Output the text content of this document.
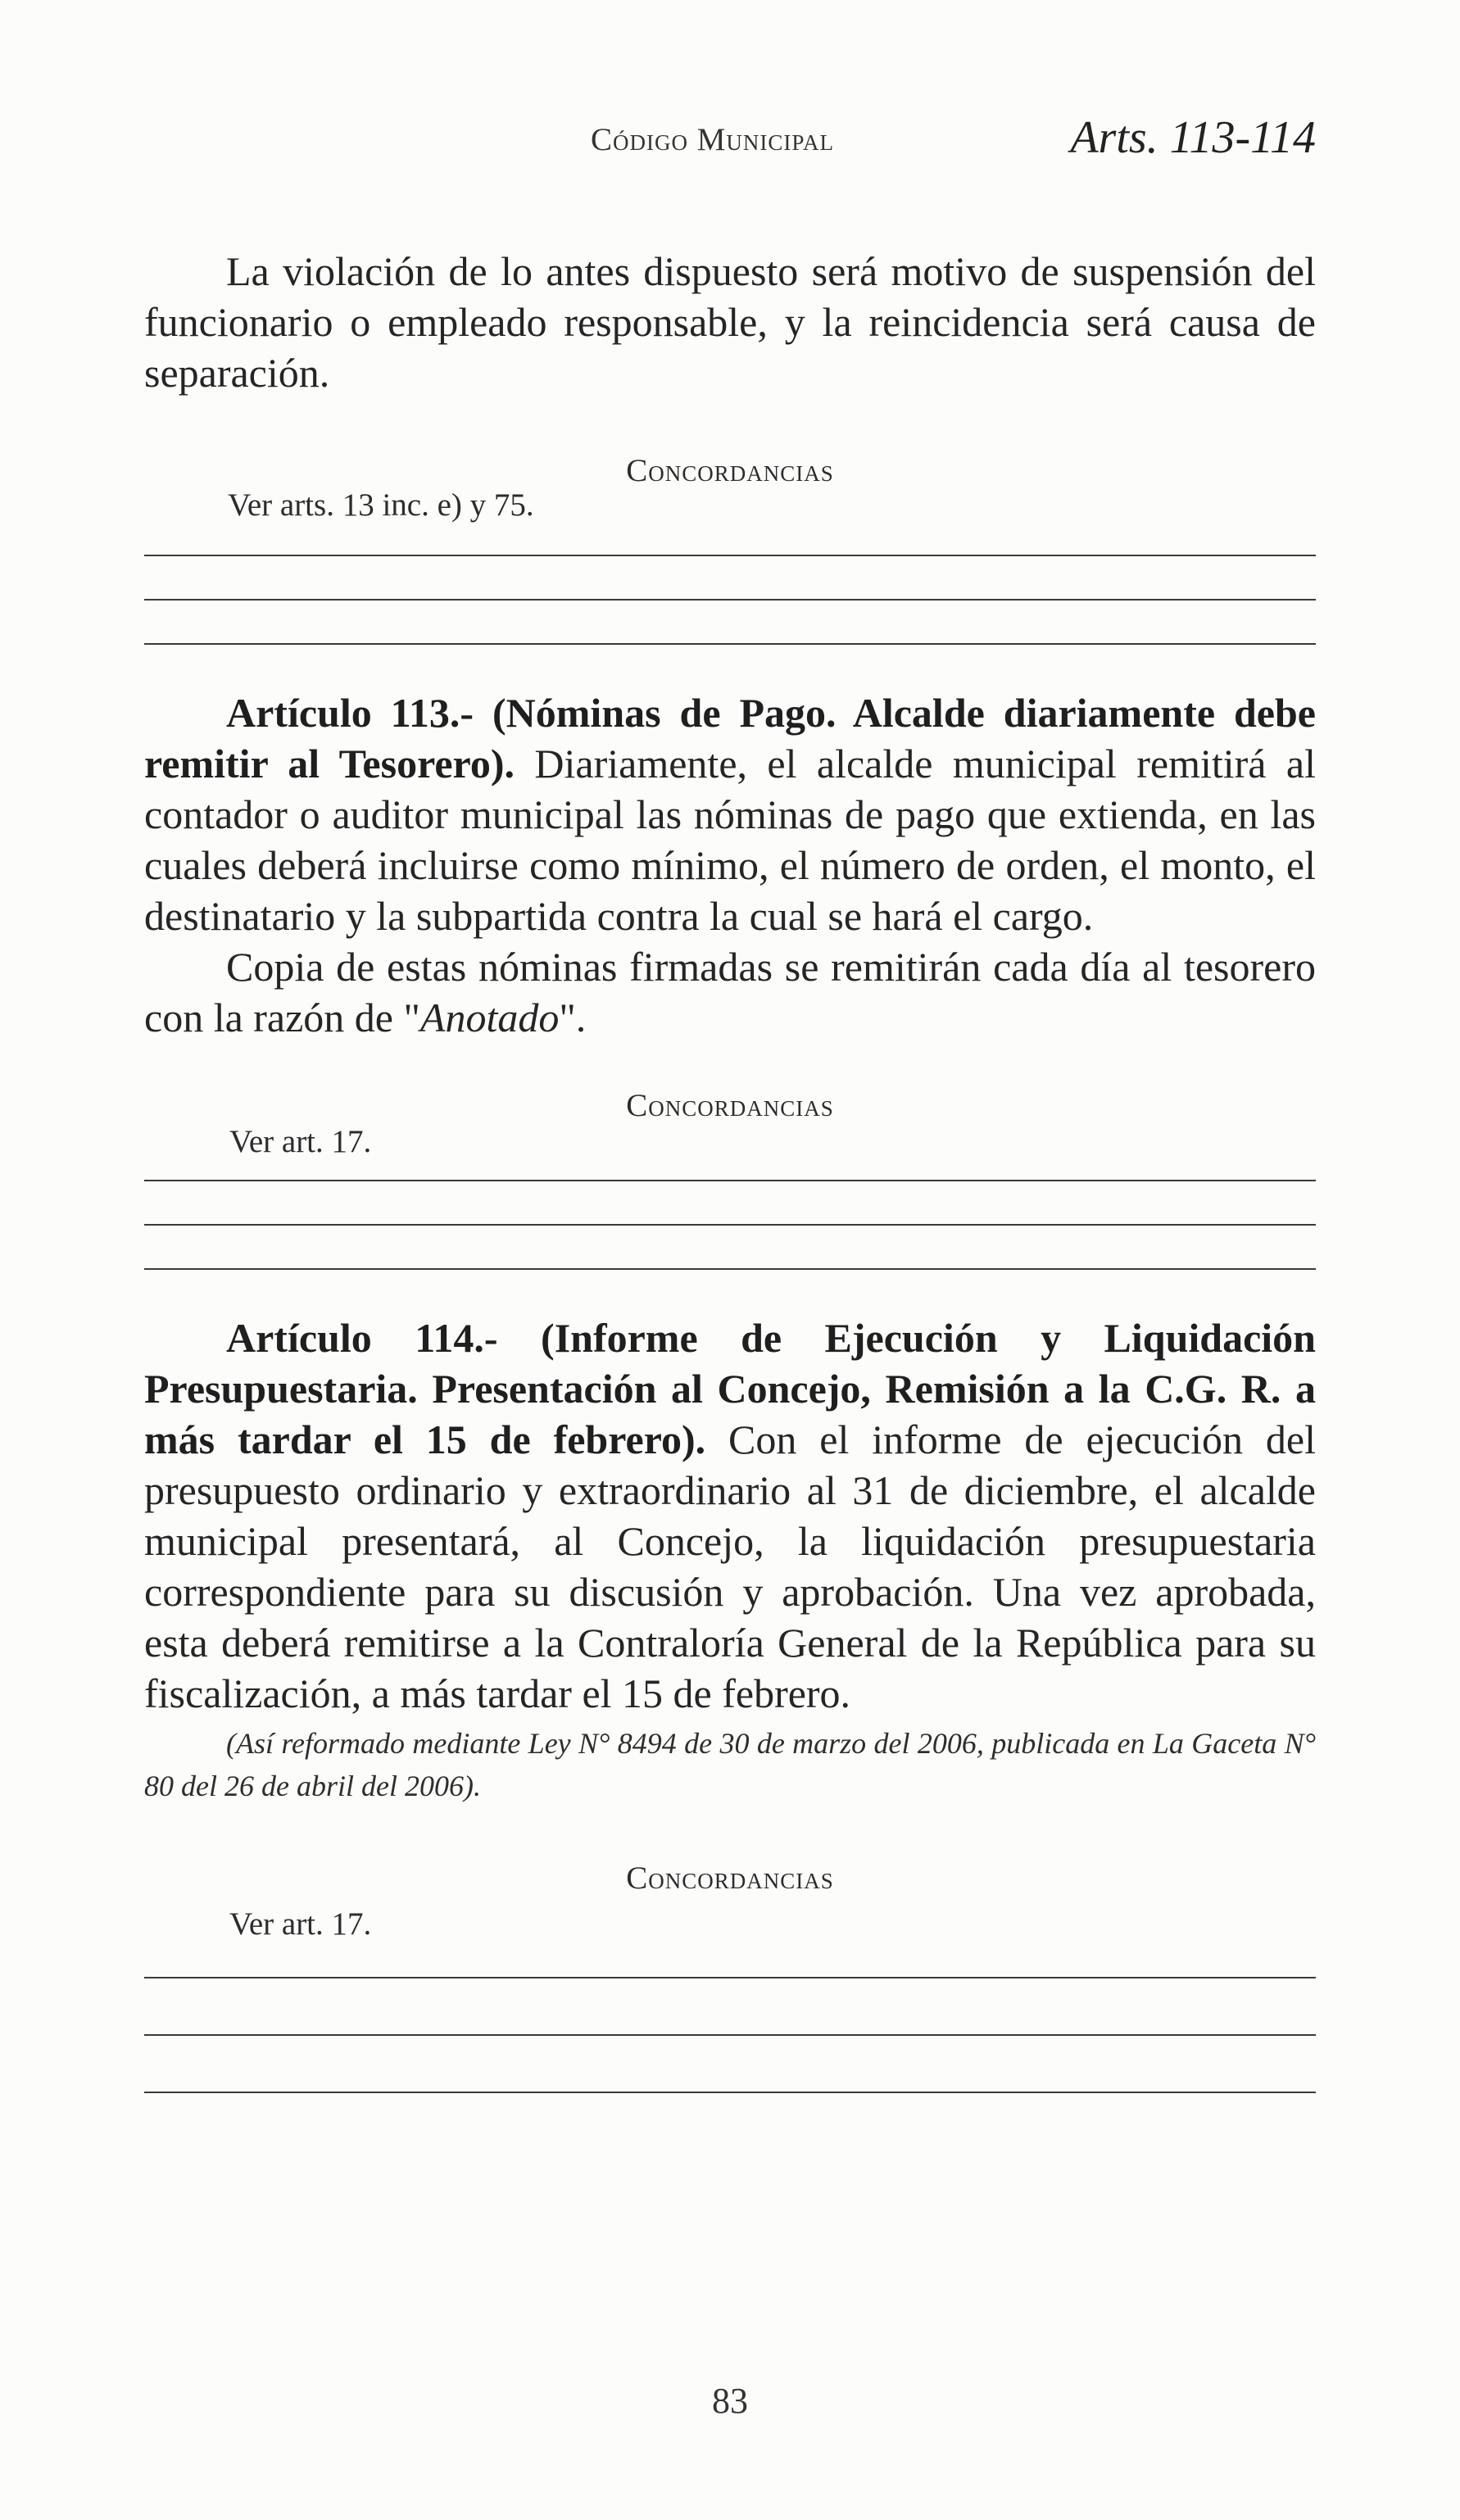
Código Municipal	Arts. 113-114

La violación de lo antes dispuesto será motivo de suspensión del funcionario o empleado responsable, y la reincidencia será causa de separación.

Concordancias

Ver arts. 13 inc. e) y 75.

Artículo 113.- (Nóminas de Pago. Alcalde diariamente debe remitir al Tesorero). Diariamente, el alcalde municipal remitirá al contador o auditor municipal las nóminas de pago que extienda, en las cuales deberá incluirse como mínimo, el número de orden, el monto, el destinatario y la subpartida contra la cual se hará el cargo.

Copia de estas nóminas firmadas se remitirán cada día al tesorero con la razón de "Anotado".

Concordancias

Ver art. 17.

Artículo 114.- (Informe de Ejecución y Liquidación Presupuestaria. Presentación al Concejo, Remisión a la C.G. R. a más tardar el 15 de febrero). Con el informe de ejecución del presupuesto ordinario y extraordinario al 31 de diciembre, el alcalde municipal presentará, al Concejo, la liquidación presupuestaria correspondiente para su discusión y aprobación. Una vez aprobada, esta deberá remitirse a la Contraloría General de la República para su fiscalización, a más tardar el 15 de febrero.

(Así reformado mediante Ley N° 8494 de 30 de marzo del 2006, publicada en La Gaceta N° 80 del 26 de abril del 2006).

Concordancias

Ver art. 17.

83
